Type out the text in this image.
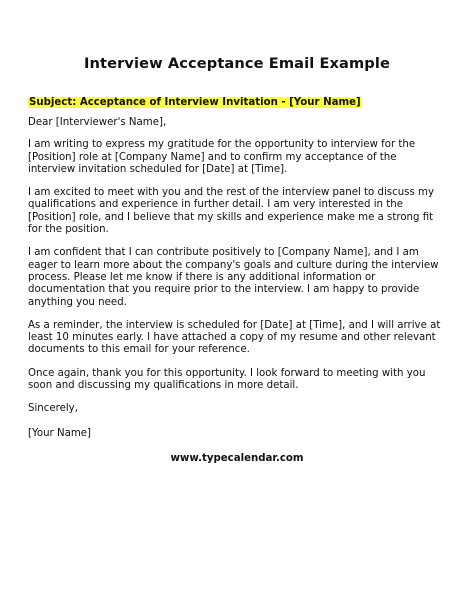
Interview Acceptance Email Example
Subject: Acceptance of Interview Invitation - [Your Name]

Dear [Interviewer's Name],

I am writing to express my gratitude for the opportunity to interview for the [Position] role at [Company Name] and to confirm my acceptance of the interview invitation scheduled for [Date] at [Time].

I am excited to meet with you and the rest of the interview panel to discuss my qualifications and experience in further detail. I am very interested in the [Position] role, and I believe that my skills and experience make me a strong fit for the position.

I am confident that I can contribute positively to [Company Name], and I am eager to learn more about the company's goals and culture during the interview process. Please let me know if there is any additional information or documentation that you require prior to the interview. I am happy to provide anything you need.

As a reminder, the interview is scheduled for [Date] at [Time], and I will arrive at least 10 minutes early. I have attached a copy of my resume and other relevant documents to this email for your reference.

Once again, thank you for this opportunity. I look forward to meeting with you soon and discussing my qualifications in more detail.

Sincerely,

[Your Name]

www.typecalendar.com
